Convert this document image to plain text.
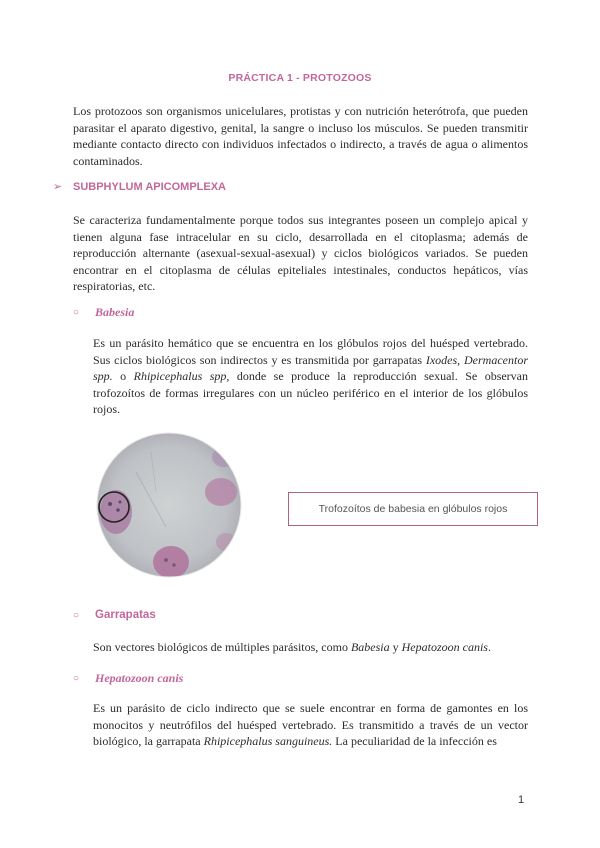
PRÁCTICA 1 - PROTOZOOS
Los protozoos son organismos unicelulares, protistas y con nutrición heterótrofa, que pueden parasitar el aparato digestivo, genital, la sangre o incluso los músculos. Se pueden transmitir mediante contacto directo con individuos infectados o indirecto, a través de agua o alimentos contaminados.
➢ SUBPHYLUM APICOMPLEXA
Se caracteriza fundamentalmente porque todos sus integrantes poseen un complejo apical y tienen alguna fase intracelular en su ciclo, desarrollada en el citoplasma; además de reproducción alternante (asexual-sexual-asexual) y ciclos biológicos variados. Se pueden encontrar en el citoplasma de células epiteliales intestinales, conductos hepáticos, vías respiratorias, etc.
○	Babesia
Es un parásito hemático que se encuentra en los glóbulos rojos del huésped vertebrado. Sus ciclos biológicos son indirectos y es transmitida por garrapatas Ixodes, Dermacentor spp. o Rhipicephalus spp, donde se produce la reproducción sexual. Se observan trofozoítos de formas irregulares con un núcleo periférico en el interior de los glóbulos rojos.
Trofozoítos de babesia en glóbulos rojos
○	Garrapatas
Son vectores biológicos de múltiples parásitos, como Babesia y Hepatozoon canis.
○	Hepatozoon canis
Es un parásito de ciclo indirecto que se suele encontrar en forma de gamontes en los monocitos y neutrófilos del huésped vertebrado. Es transmitido a través de un vector biológico, la garrapata Rhipicephalus sanguineus. La peculiaridad de la infección es
1
